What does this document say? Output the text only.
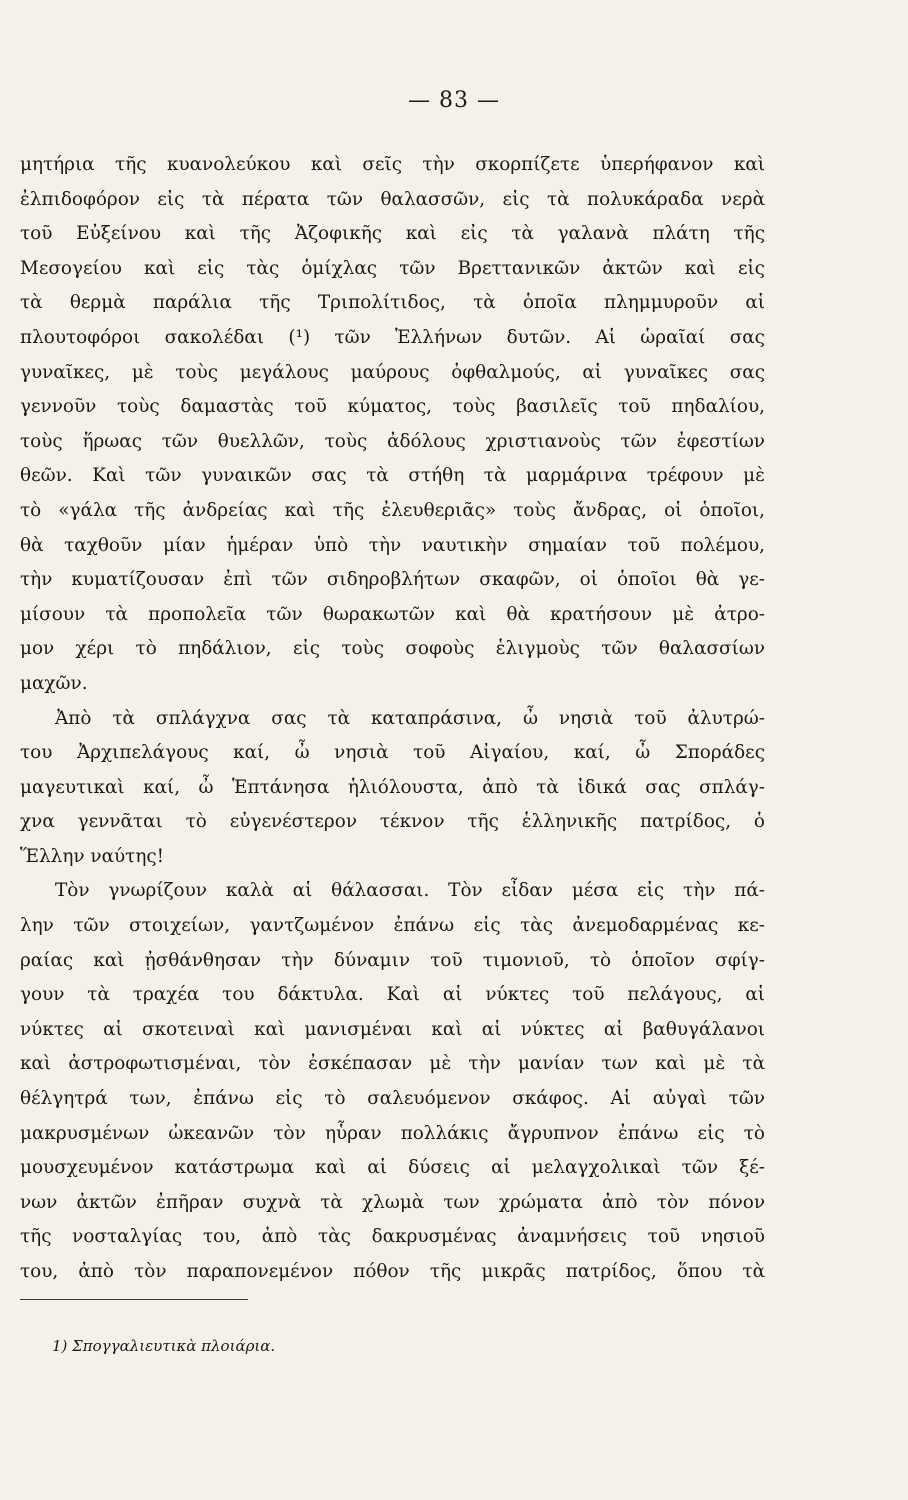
— 83 —
μητήρια τῆς κυανολεύκου καὶ σεῖς τὴν σκορπίζετε ὑπερήφανον καὶ
ἐλπιδοφόρον εἰς τὰ πέρατα τῶν θαλασσῶν, εἰς τὰ πολυκάραδα νερὰ
τοῦ Εὐξείνου καὶ τῆς Ἀζοφικῆς καὶ εἰς τὰ γαλανὰ πλάτη τῆς
Μεσογείου καὶ εἰς τὰς ὁμίχλας τῶν Βρεττανικῶν ἀκτῶν καὶ εἰς
τὰ θερμὰ παράλια τῆς Τριπολίτιδος, τὰ ὁποῖα πλημμυροῦν αἱ
πλουτοφόροι σακολέδαι (¹) τῶν Ἑλλήνων δυτῶν. Αἱ ὡραῖαί σας
γυναῖκες, μὲ τοὺς μεγάλους μαύρους ὀφθαλμούς, αἱ γυναῖκες σας
γεννοῦν τοὺς δαμαστὰς τοῦ κύματος, τοὺς βασιλεῖς τοῦ πηδαλίου,
τοὺς ἥρωας τῶν θυελλῶν, τοὺς ἀδόλους χριστιανοὺς τῶν ἐφεστίων
θεῶν. Καὶ τῶν γυναικῶν σας τὰ στήθη τὰ μαρμάρινα τρέφουν μὲ
τὸ «γάλα τῆς ἀνδρείας καὶ τῆς ἐλευθεριᾶς» τοὺς ἄνδρας, οἱ ὁποῖοι,
θὰ ταχθοῦν μίαν ἡμέραν ὑπὸ τὴν ναυτικὴν σημαίαν τοῦ πολέμου,
τὴν κυματίζουσαν ἐπὶ τῶν σιδηροβλήτων σκαφῶν, οἱ ὁποῖοι θὰ γε-
μίσουν τὰ προπολεῖα τῶν θωρακωτῶν καὶ θὰ κρατήσουν μὲ ἀτρο-
μον χέρι τὸ πηδάλιον, εἰς τοὺς σοφοὺς ἑλιγμοὺς τῶν θαλασσίων
μαχῶν.
Ἀπὸ τὰ σπλάγχνα σας τὰ καταπράσινα, ὦ νησιὰ τοῦ ἀλυτρώ-
του Ἀρχιπελάγους καί, ὦ νησιὰ τοῦ Αἰγαίου, καί, ὦ Σποράδες
μαγευτικαὶ καί, ὦ Ἑπτάνησα ἡλιόλουστα, ἀπὸ τὰ ἰδικά σας σπλάγ-
χνα γεννᾶται τὸ εὐγενέστερον τέκνον τῆς ἑλληνικῆς πατρίδος, ὁ
Ἕλλην ναύτης!
Τὸν γνωρίζουν καλὰ αἱ θάλασσαι. Τὸν εἶδαν μέσα εἰς τὴν πά-
λην τῶν στοιχείων, γαντζωμένον ἐπάνω εἰς τὰς ἀνεμοδαρμένας κε-
ραίας καὶ ᾐσθάνθησαν τὴν δύναμιν τοῦ τιμονιοῦ, τὸ ὁποῖον σφίγ-
γουν τὰ τραχέα του δάκτυλα. Καὶ αἱ νύκτες τοῦ πελάγους, αἱ
νύκτες αἱ σκοτειναὶ καὶ μανισμέναι καὶ αἱ νύκτες αἱ βαθυγάλανοι
καὶ ἀστροφωτισμέναι, τὸν ἐσκέπασαν μὲ τὴν μανίαν των καὶ μὲ τὰ
θέλγητρά των, ἐπάνω εἰς τὸ σαλευόμενον σκάφος. Αἱ αὐγαὶ τῶν
μακρυσμένων ὠκεανῶν τὸν ηὗραν πολλάκις ἄγρυπνον ἐπάνω εἰς τὸ
μουσχευμένον κατάστρωμα καὶ αἱ δύσεις αἱ μελαγχολικαὶ τῶν ξέ-
νων ἀκτῶν ἐπῆραν συχνὰ τὰ χλωμὰ των χρώματα ἀπὸ τὸν πόνον
τῆς νοσταλγίας του, ἀπὸ τὰς δακρυσμένας ἀναμνήσεις τοῦ νησιοῦ
του, ἀπὸ τὸν παραπονεμένον πόθον τῆς μικρᾶς πατρίδος, ὅπου τὰ
1) Σπογγαλιευτικὰ πλοιάρια.
